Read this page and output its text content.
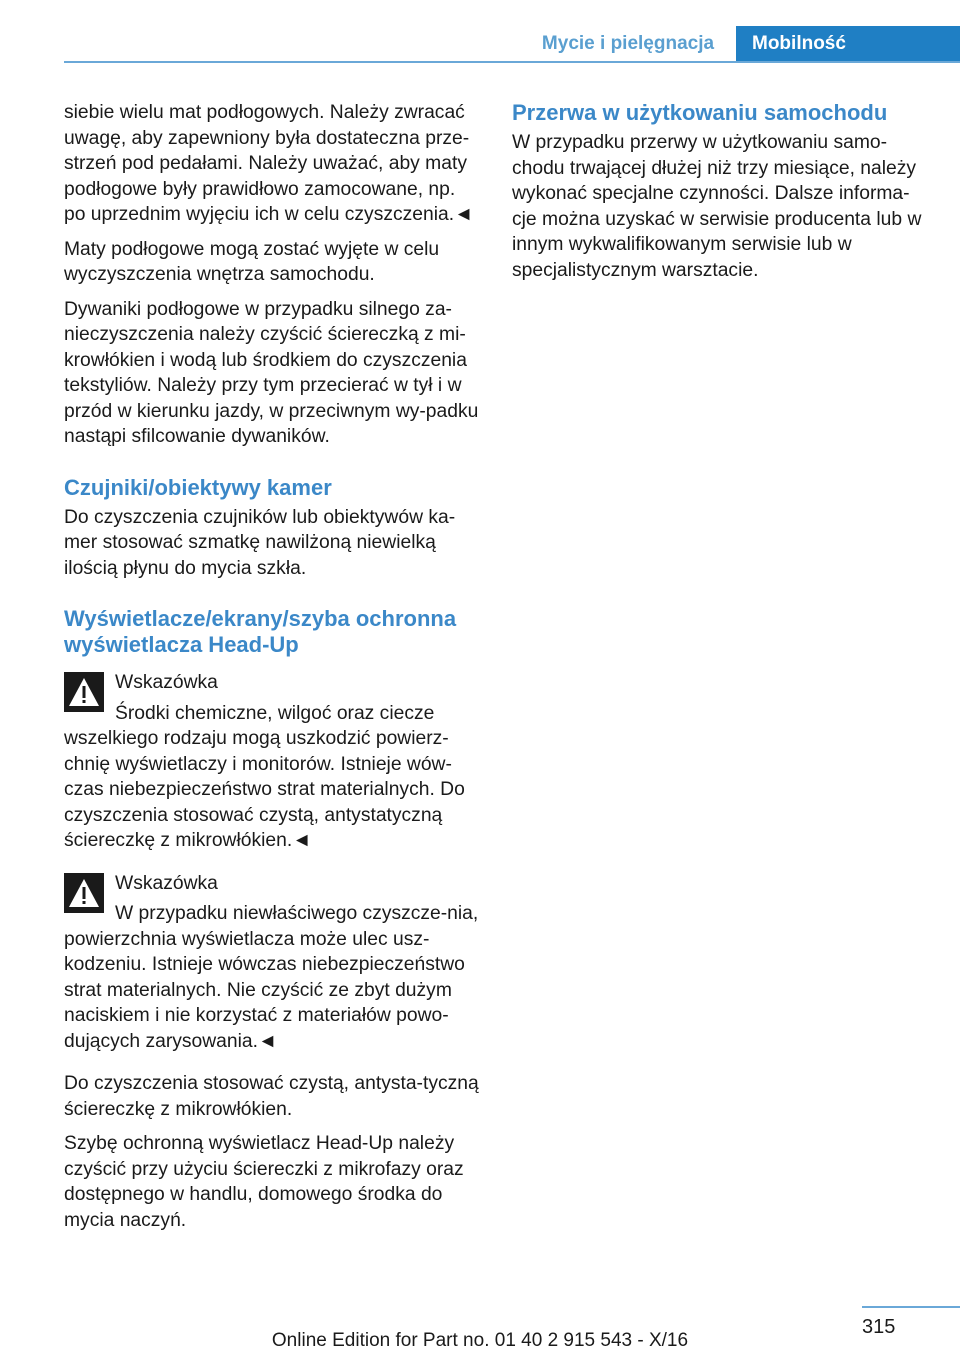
Mycie i pielęgnacja	Mobilność

siebie wielu mat podłogowych. Należy zwracać uwagę, aby zapewniony była dostateczna prze‐strzeń pod pedałami. Należy uważać, aby maty podłogowe były prawidłowo zamocowane, np. po uprzednim wyjęciu ich w celu czyszczenia.◄

Maty podłogowe mogą zostać wyjęte w celu wyczyszczenia wnętrza samochodu.

Dywaniki podłogowe w przypadku silnego za‐nieczyszczenia należy czyścić ściereczką z mi‐krowłókien i wodą lub środkiem do czyszczenia tekstyliów. Należy przy tym przecierać w tył i w przód w kierunku jazdy, w przeciwnym wy‐padku nastąpi sfilcowanie dywaników.

Czujniki/obiektywy kamer

Do czyszczenia czujników lub obiektywów ka‐mer stosować szmatkę nawilżoną niewielką ilością płynu do mycia szkła.

Wyświetlacze/ekrany/szyba ochronna wyświetlacza Head-Up

Wskazówka

Środki chemiczne, wilgoć oraz ciecze wszelkiego rodzaju mogą uszkodzić powierz‐chnię wyświetlaczy i monitorów. Istnieje wów‐czas niebezpieczeństwo strat materialnych. Do czyszczenia stosować czystą, antystatyczną ściereczkę z mikrowłókien.◄

Wskazówka

W przypadku niewłaściwego czyszcze‐nia, powierzchnia wyświetlacza może ulec usz‐kodzeniu. Istnieje wówczas niebezpieczeństwo strat materialnych. Nie czyścić ze zbyt dużym naciskiem i nie korzystać z materiałów powo‐dujących zarysowania.◄

Do czyszczenia stosować czystą, antysta‐tyczną ściereczkę z mikrowłókien.

Szybę ochronną wyświetlacz Head-Up należy czyścić przy użyciu ściereczki z mikrofazy oraz dostępnego w handlu, domowego środka do mycia naczyń.

Przerwa w użytkowaniu samochodu

W przypadku przerwy w użytkowaniu samo‐chodu trwającej dłużej niż trzy miesiące, należy wykonać specjalne czynności. Dalsze informa‐cje można uzyskać w serwisie producenta lub w innym wykwalifikowanym serwisie lub w specjalistycznym warsztacie.

315
Online Edition for Part no. 01 40 2 915 543 - X/16
